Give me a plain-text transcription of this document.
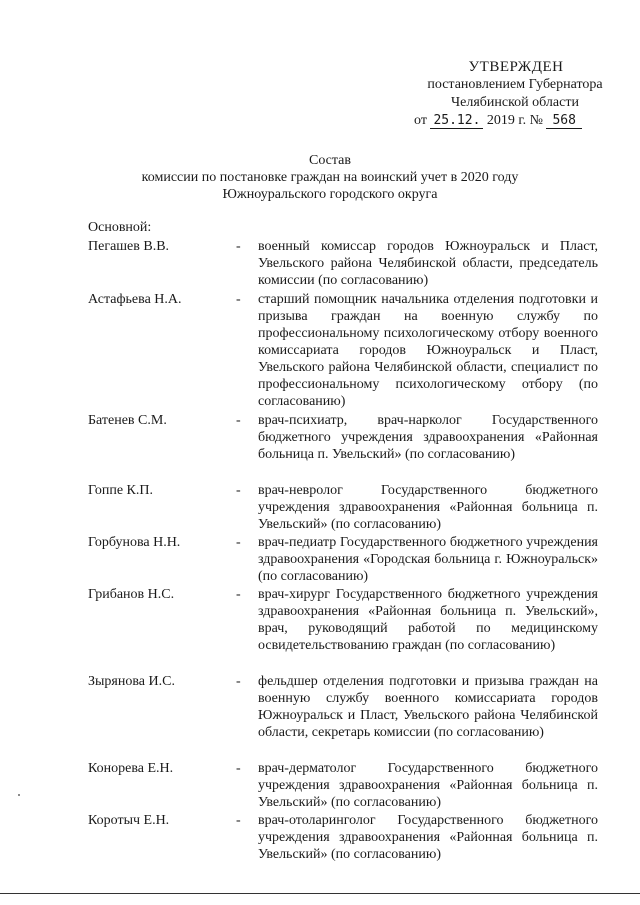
УТВЕРЖДЕН
постановлением Губернатора
Челябинской области
от 25.12. 2019 г. № 568
Состав
комиссии по постановке граждан на воинский учет в 2020 году
Южноуральского городского округа
Основной:
Пегашев В.В.	- военный комиссар городов Южноуральск и Пласт, Увельского района Челябинской области, председатель комиссии (по согласованию)
Астафьева Н.А.	- старший помощник начальника отделения подготовки и призыва граждан на военную службу по профессиональному психологическому отбору военного комиссариата городов Южноуральск и Пласт, Увельского района Челябинской области, специалист по профессиональному психологическому отбору (по согласованию)
Батенев С.М.	- врач-психиатр, врач-нарколог Государственного бюджетного учреждения здравоохранения «Районная больница п. Увельский» (по согласованию)
Гоппе К.П.	- врач-невролог Государственного бюджетного учреждения здравоохранения «Районная больница п. Увельский» (по согласованию)
Горбунова Н.Н.	- врач-педиатр Государственного бюджетного учреждения здравоохранения «Городская больница г. Южноуральск» (по согласованию)
Грибанов Н.С.	- врач-хирург Государственного бюджетного учреждения здравоохранения «Районная больница п. Увельский», врач, руководящий работой по медицинскому освидетельствованию граждан (по согласованию)
Зырянова И.С.	- фельдшер отделения подготовки и призыва граждан на военную службу военного комиссариата городов Южноуральск и Пласт, Увельского района Челябинской области, секретарь комиссии (по согласованию)
Конорева Е.Н.	- врач-дерматолог Государственного бюджетного учреждения здравоохранения «Районная больница п. Увельский» (по согласованию)
Коротыч Е.Н.	- врач-отоларинголог Государственного бюджетного учреждения здравоохранения «Районная больница п. Увельский» (по согласованию)
